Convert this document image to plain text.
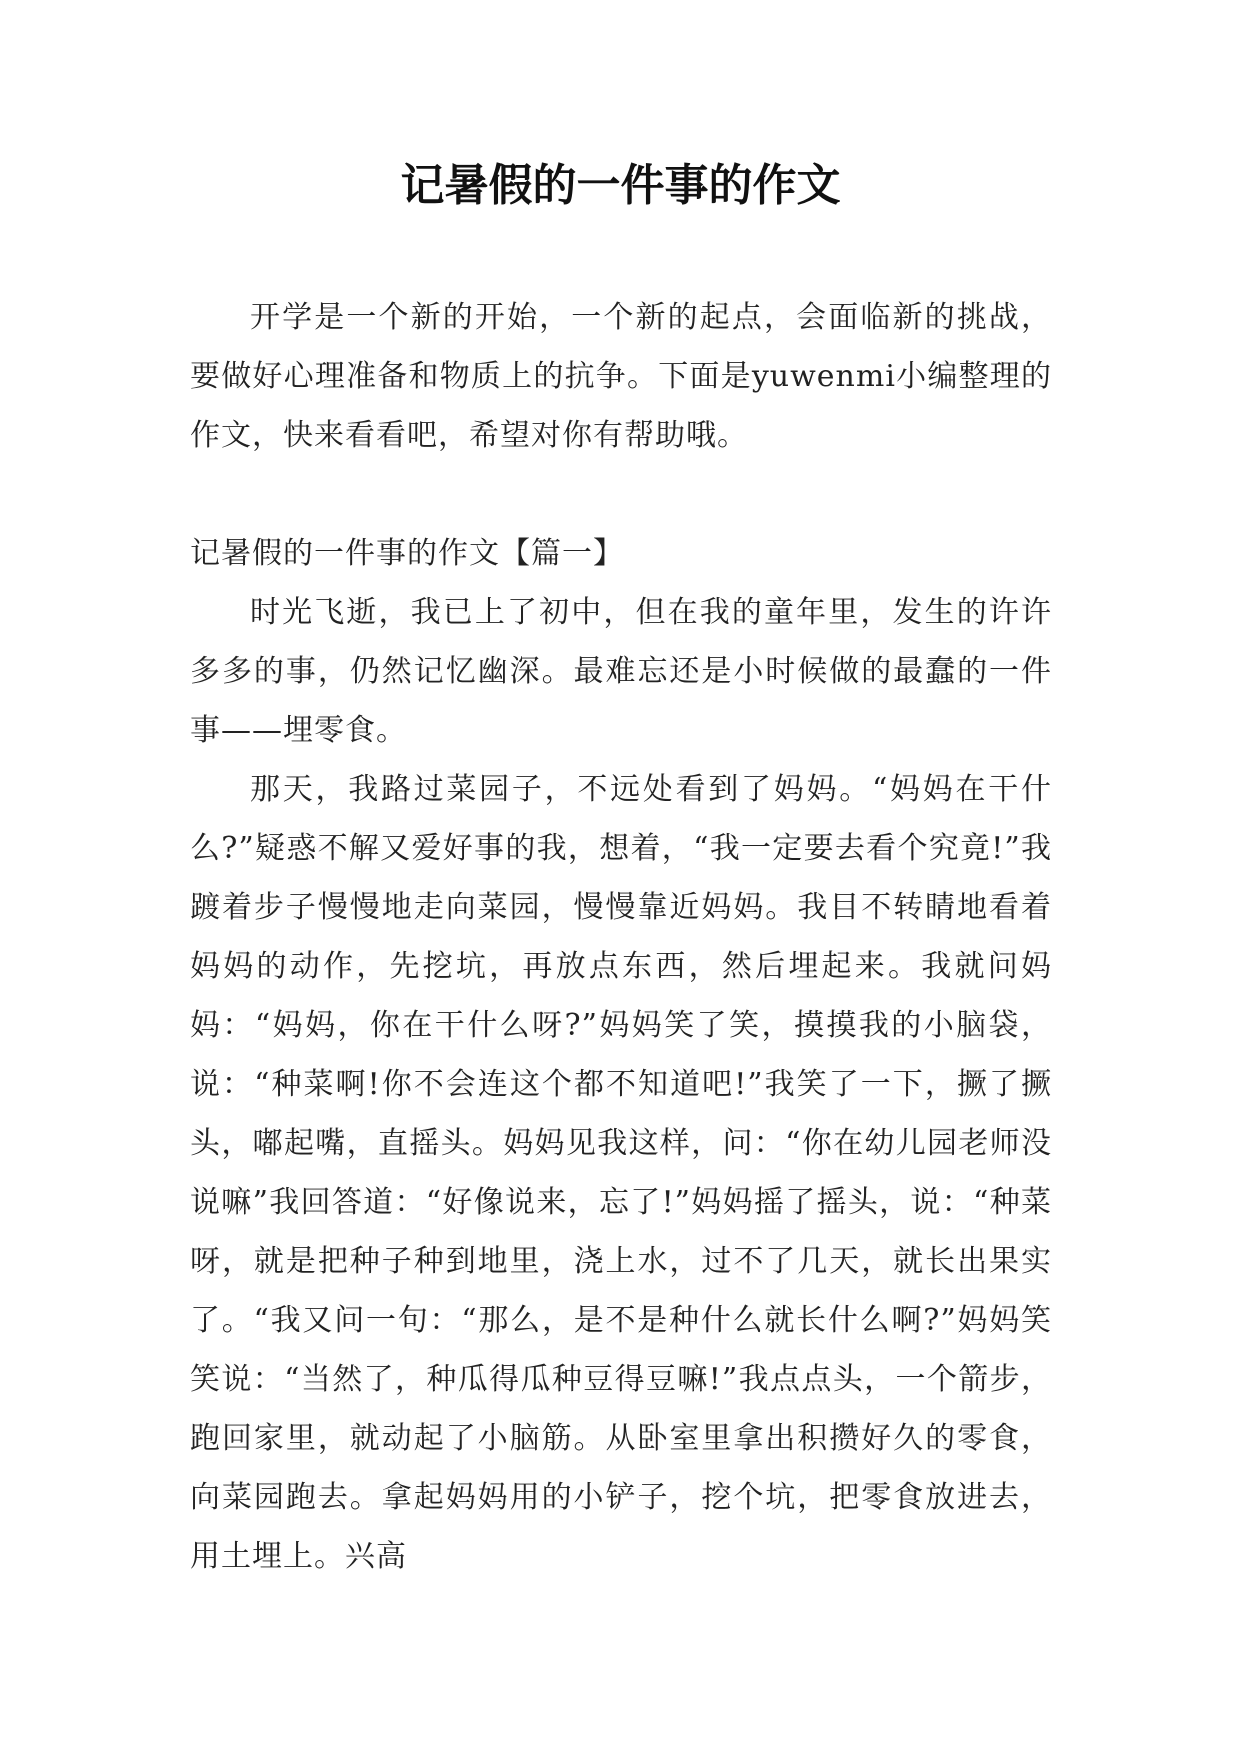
记暑假的一件事的作文

开学是一个新的开始，一个新的起点，会面临新的挑战，要做好心理准备和物质上的抗争。下面是yuwenmi小编整理的作文，快来看看吧，希望对你有帮助哦。

记暑假的一件事的作文【篇一】

时光飞逝，我已上了初中，但在我的童年里，发生的许许多多的事，仍然记忆幽深。最难忘还是小时候做的最蠢的一件事——埋零食。

那天，我路过菜园子，不远处看到了妈妈。“妈妈在干什么?”疑惑不解又爱好事的我，想着，“我一定要去看个究竟!”我踱着步子慢慢地走向菜园，慢慢靠近妈妈。我目不转睛地看着妈妈的动作，先挖坑，再放点东西，然后埋起来。我就问妈妈：“妈妈，你在干什么呀?”妈妈笑了笑，摸摸我的小脑袋，说：“种菜啊!你不会连这个都不知道吧!”我笑了一下，撅了撅头，嘟起嘴，直摇头。妈妈见我这样，问：“你在幼儿园老师没说嘛”我回答道：“好像说来，忘了!”妈妈摇了摇头，说：“种菜呀，就是把种子种到地里，浇上水，过不了几天，就长出果实了。“我又问一句：“那么，是不是种什么就长什么啊?”妈妈笑笑说：“当然了，种瓜得瓜种豆得豆嘛!”我点点头，一个箭步，跑回家里，就动起了小脑筋。从卧室里拿出积攒好久的零食，向菜园跑去。拿起妈妈用的小铲子，挖个坑，把零食放进去，用土埋上。兴高
